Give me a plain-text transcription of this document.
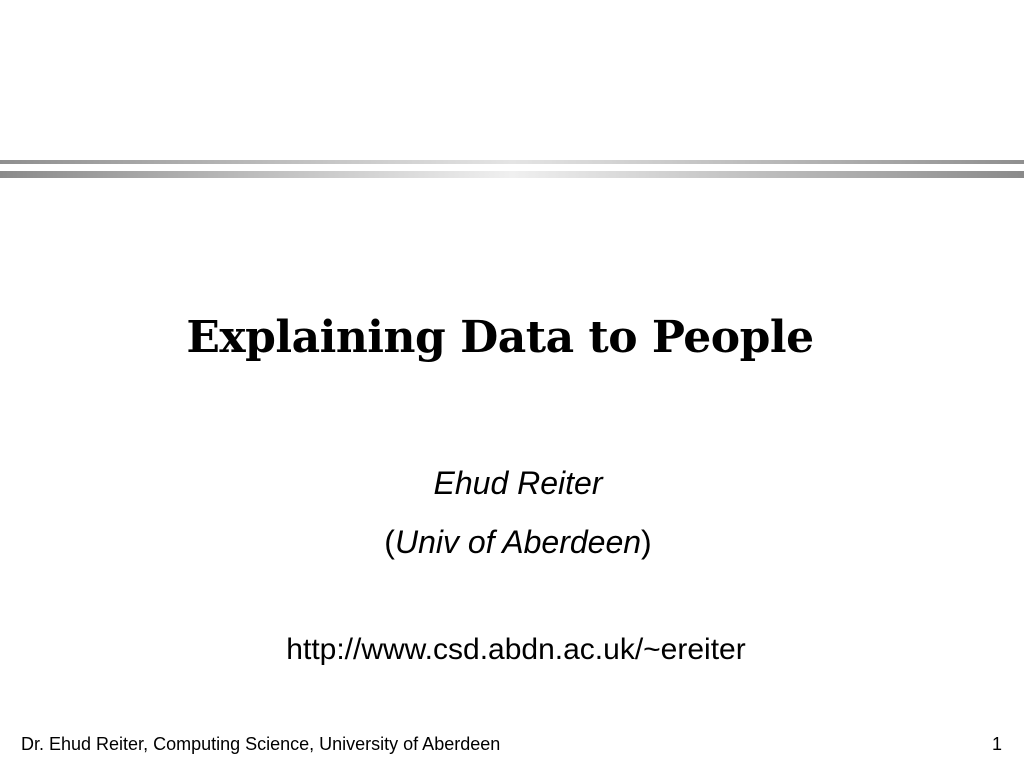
Explaining Data to People
Ehud Reiter
(Univ of Aberdeen)
http://www.csd.abdn.ac.uk/~ereiter
Dr. Ehud Reiter, Computing Science, University of Aberdeen	1
